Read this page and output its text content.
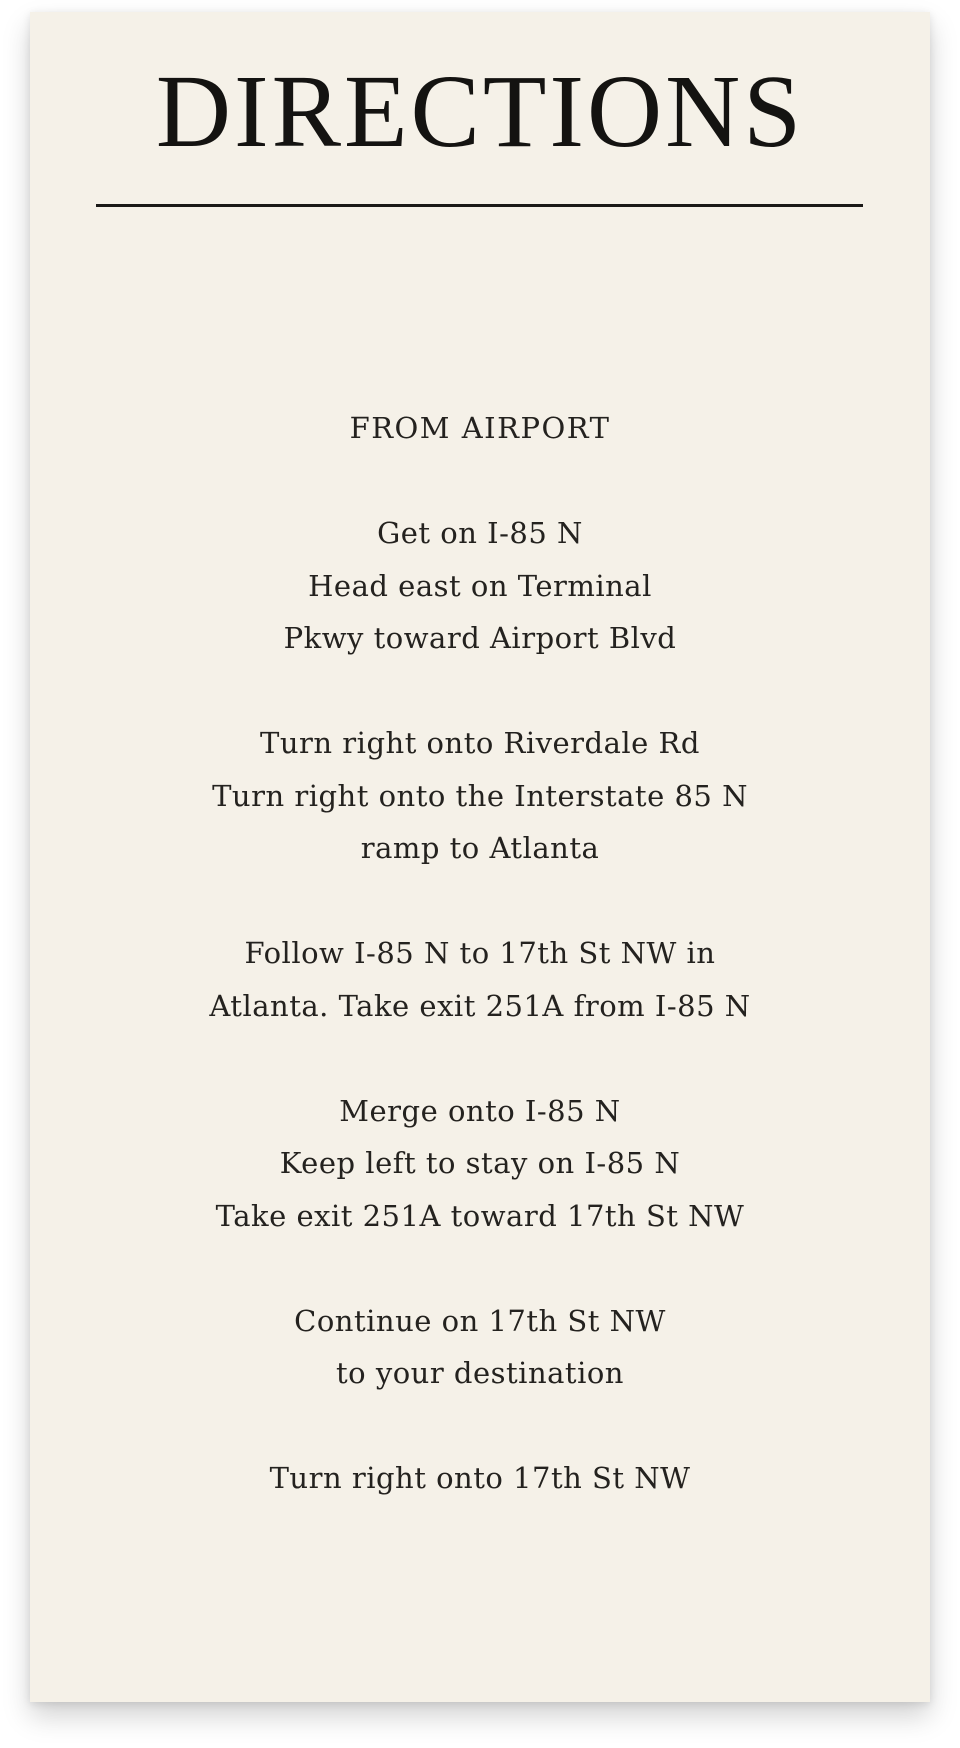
DIRECTIONS
FROM AIRPORT
Get on I-85 N
Head east on Terminal
Pkwy toward Airport Blvd
Turn right onto Riverdale Rd
Turn right onto the Interstate 85 N
ramp to Atlanta
Follow I-85 N to 17th St NW in
Atlanta. Take exit 251A from I-85 N
Merge onto I-85 N
Keep left to stay on I-85 N
Take exit 251A toward 17th St NW
Continue on 17th St NW
to your destination
Turn right onto 17th St NW
